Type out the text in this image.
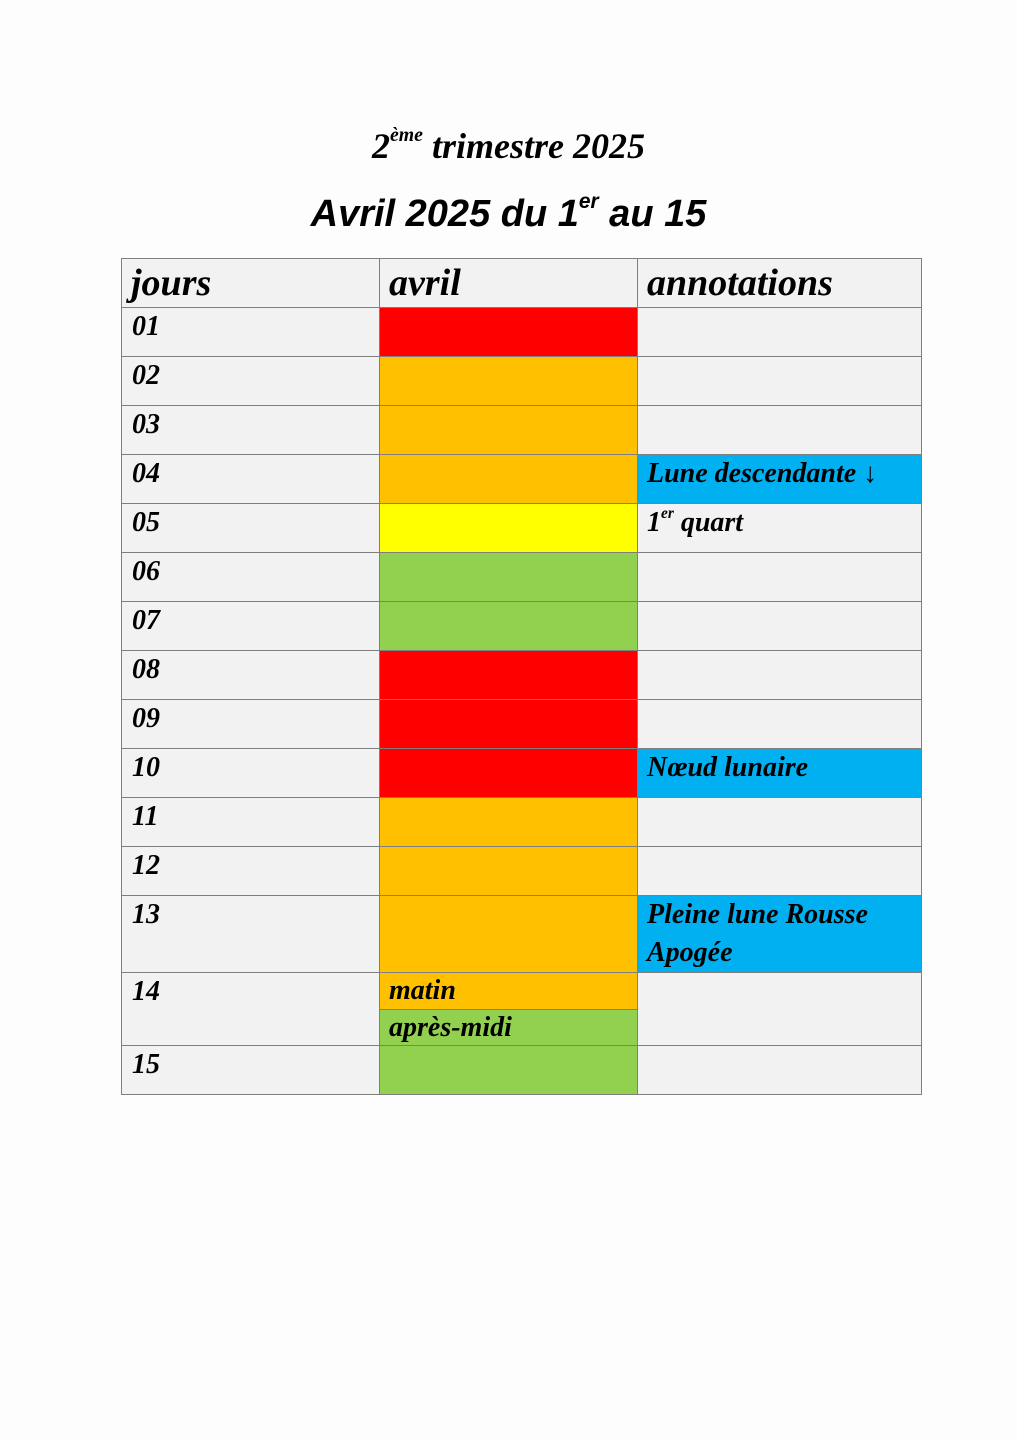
2ème trimestre 2025
Avril 2025 du 1er au 15
jours	avril	annotations
01		
02		
03		
04		Lune descendante ↓
05		1er quart
06		
07		
08		
09		
10		Nœud lunaire
11		
12		
13		Pleine lune Rousse
Apogée

14	matin
après-midi	

15		
